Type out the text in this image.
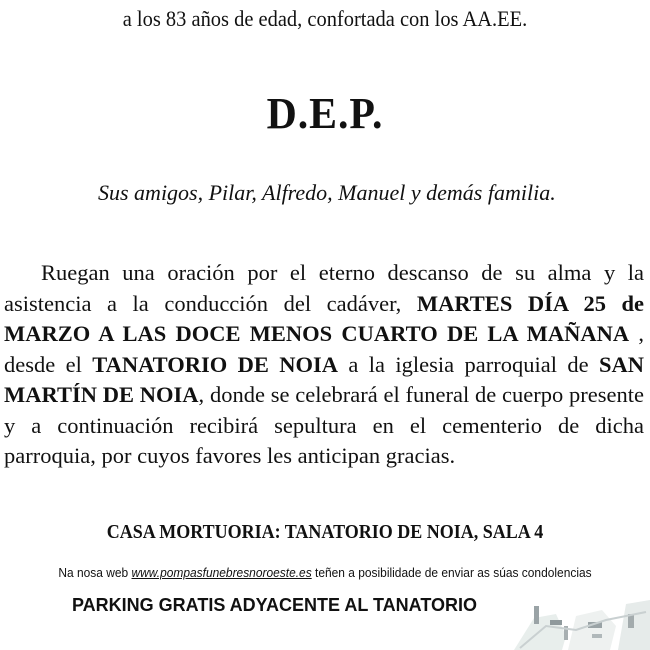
a los 83 años de edad, confortada con los AA.EE.
D.E.P.
Sus amigos, Pilar, Alfredo, Manuel y demás familia.
Ruegan una oración por el eterno descanso de su alma y la asistencia a la conducción del cadáver, MARTES DÍA 25 de MARZO A LAS DOCE MENOS CUARTO DE LA MAÑANA , desde el TANATORIO DE NOIA a la iglesia parroquial de SAN MARTÍN DE NOIA, donde se celebrará el funeral de cuerpo presente y a continuación recibirá sepultura en el cementerio de dicha parroquia, por cuyos favores les anticipan gracias.
CASA MORTUORIA: TANATORIO DE NOIA, SALA 4
Na nosa web www.pompasfunebresnoroeste.es teñen a posibilidade de enviar as súas condolencias
PARKING GRATIS ADYACENTE AL TANATORIO
